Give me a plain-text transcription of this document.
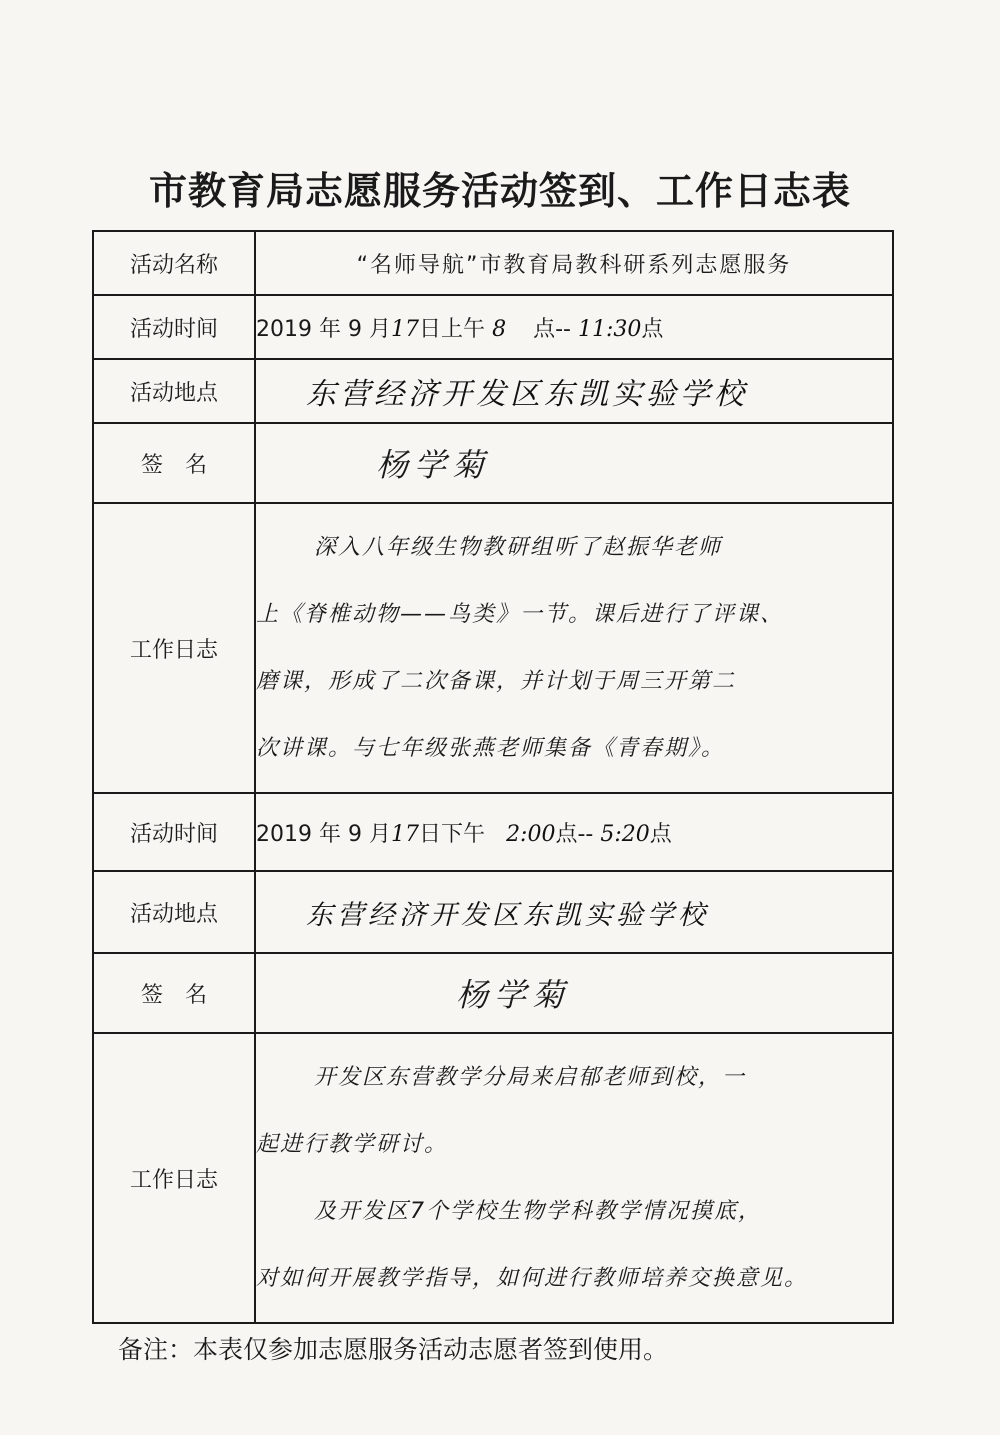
市教育局志愿服务活动签到、工作日志表
活动名称	“名师导航”市教育局教科研系列志愿服务

活动时间	2019 年 9 月17日上午 8 点-- 11:30点
活动地点	东营经济开发区东凯实验学校

签　名	杨学菊

工作日志	深入八年级生物教研组听了赵振华老师

上《脊椎动物——鸟类》一节。课后进行了评课、

磨课，形成了二次备课，并计划于周三开第二

次讲课。与七年级张燕老师集备《青春期》。

活动时间	2019 年 9 月17日下午 2:00点-- 5:20点
活动地点	东营经济开发区东凯实验学校

签　名	杨学菊

工作日志	开发区东营教学分局来启郁老师到校，一

起进行教学研讨。

及开发区7个学校生物学科教学情况摸底，

对如何开展教学指导，如何进行教师培养交换意见。

备注：本表仅参加志愿服务活动志愿者签到使用。
